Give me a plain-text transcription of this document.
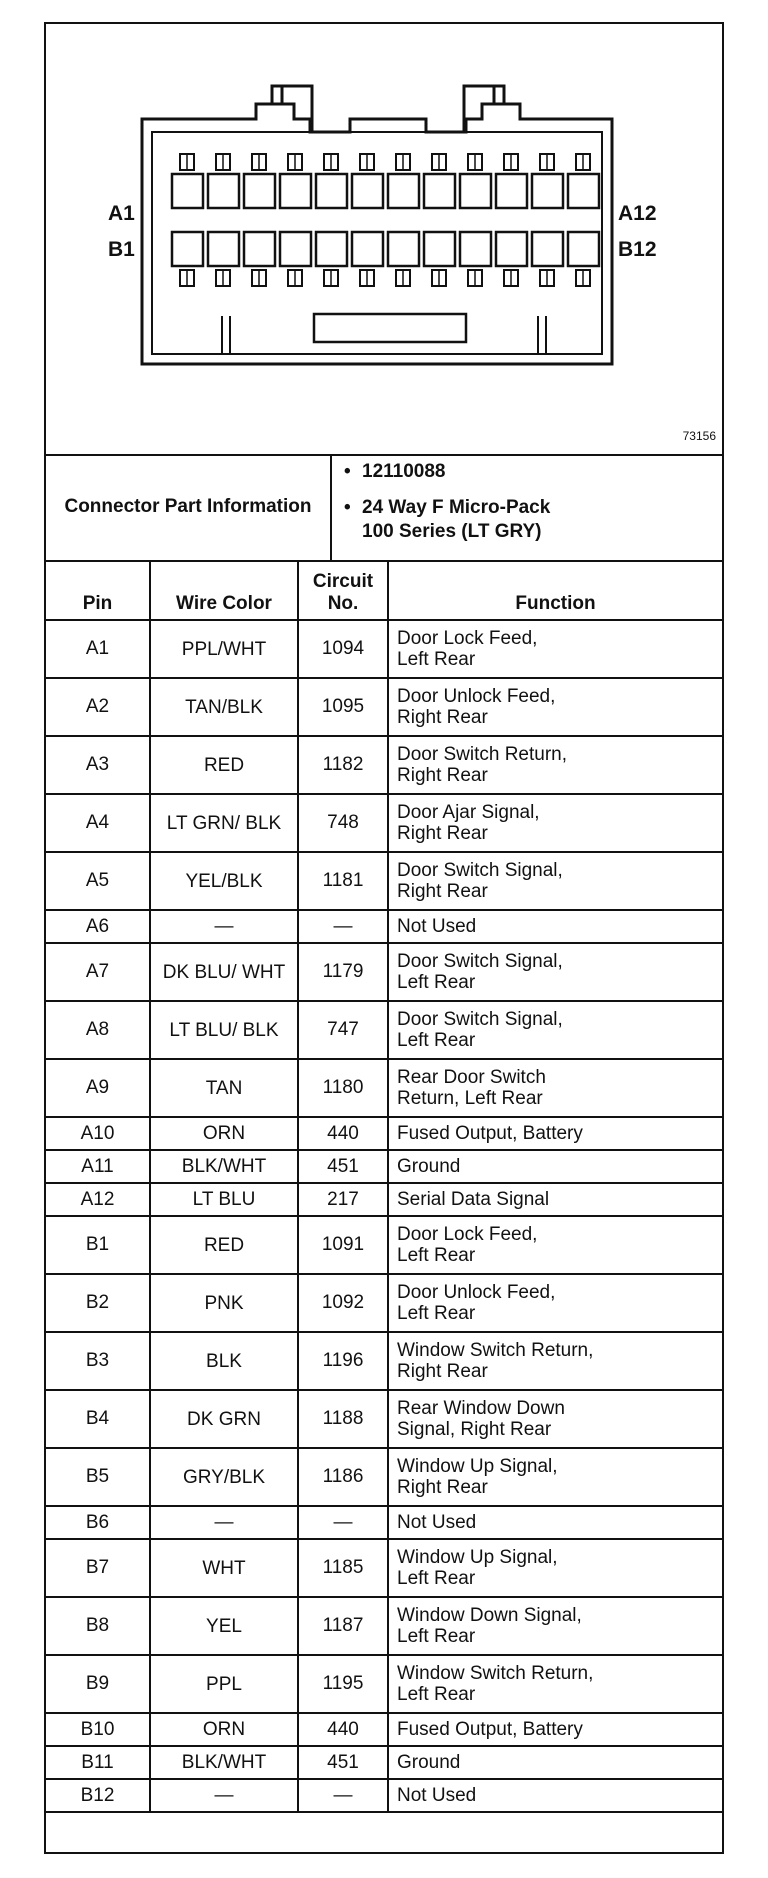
A1
B1
A12
B12
73156
Connector Part Information
• 12110088
• 24 Way F Micro-Pack
100 Series (LT GRY)
Pin	Wire Color	Circuit No.	Function
A1	PPL/WHT	1094	Door Lock Feed,
Left Rear

A2	TAN/BLK	1095	Door Unlock Feed,
Right Rear

A3	RED	1182	Door Switch Return,
Right Rear

A4	LT GRN/ BLK	748	Door Ajar Signal,
Right Rear

A5	YEL/BLK	1181	Door Switch Signal,
Right Rear

A6	—	—	Not Used

A7	DK BLU/ WHT	1179	Door Switch Signal,
Left Rear

A8	LT BLU/ BLK	747	Door Switch Signal,
Left Rear

A9	TAN	1180	Rear Door Switch
Return, Left Rear

A10	ORN	440	Fused Output, Battery

A11	BLK/WHT	451	Ground

A12	LT BLU	217	Serial Data Signal

B1	RED	1091	Door Lock Feed,
Left Rear

B2	PNK	1092	Door Unlock Feed,
Left Rear

B3	BLK	1196	Window Switch Return,
Right Rear

B4	DK GRN	1188	Rear Window Down
Signal, Right Rear

B5	GRY/BLK	1186	Window Up Signal,
Right Rear

B6	—	—	Not Used

B7	WHT	1185	Window Up Signal,
Left Rear

B8	YEL	1187	Window Down Signal,
Left Rear

B9	PPL	1195	Window Switch Return,
Left Rear

B10	ORN	440	Fused Output, Battery

B11	BLK/WHT	451	Ground

B12	—	—	Not Used
